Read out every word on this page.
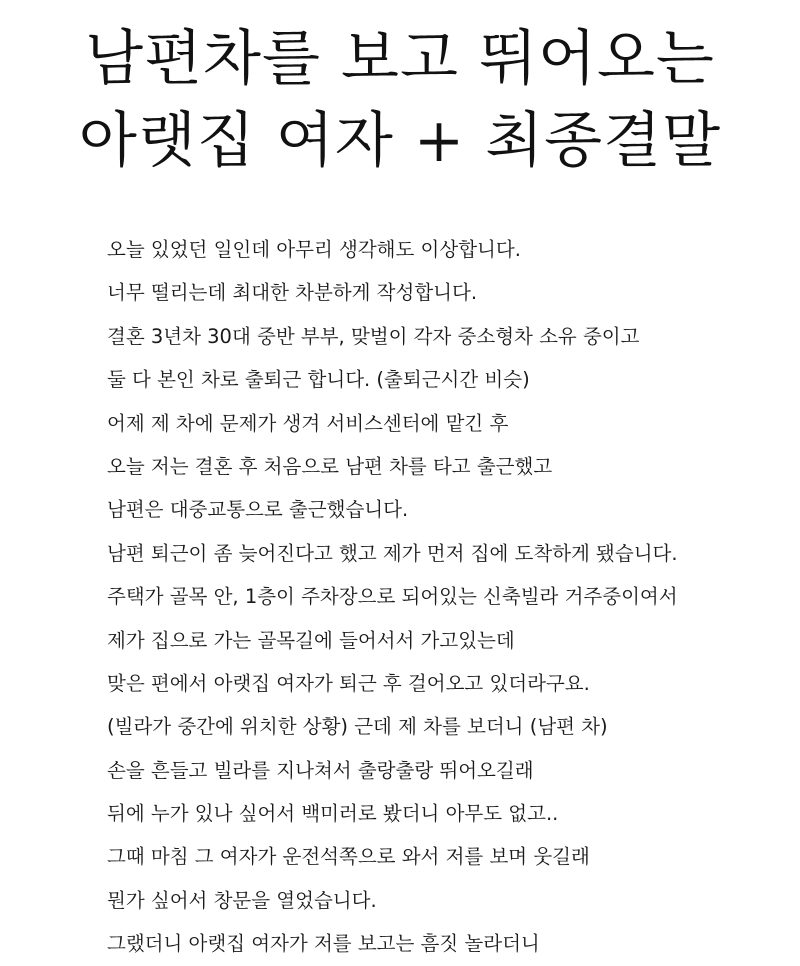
남편차를 보고 뛰어오는
아랫집 여자 + 최종결말
오늘 있었던 일인데 아무리 생각해도 이상합니다.
너무 떨리는데 최대한 차분하게 작성합니다.
결혼 3년차 30대 중반 부부, 맞벌이 각자 중소형차 소유 중이고
둘 다 본인 차로 출퇴근 합니다. (출퇴근시간 비슷)
어제 제 차에 문제가 생겨 서비스센터에 맡긴 후
오늘 저는 결혼 후 처음으로 남편 차를 타고 출근했고
남편은 대중교통으로 출근했습니다.
남편 퇴근이 좀 늦어진다고 했고 제가 먼저 집에 도착하게 됐습니다.
주택가 골목 안, 1층이 주차장으로 되어있는 신축빌라 거주중이여서
제가 집으로 가는 골목길에 들어서서 가고있는데
맞은 편에서 아랫집 여자가 퇴근 후 걸어오고 있더라구요.
(빌라가 중간에 위치한 상황) 근데 제 차를 보더니 (남편 차)
손을 흔들고 빌라를 지나쳐서 출랑출랑 뛰어오길래
뒤에 누가 있나 싶어서 백미러로 봤더니 아무도 없고..
그때 마침 그 여자가 운전석쪽으로 와서 저를 보며 웃길래
뭔가 싶어서 창문을 열었습니다.
그랬더니 아랫집 여자가 저를 보고는 흠짓 놀라더니
